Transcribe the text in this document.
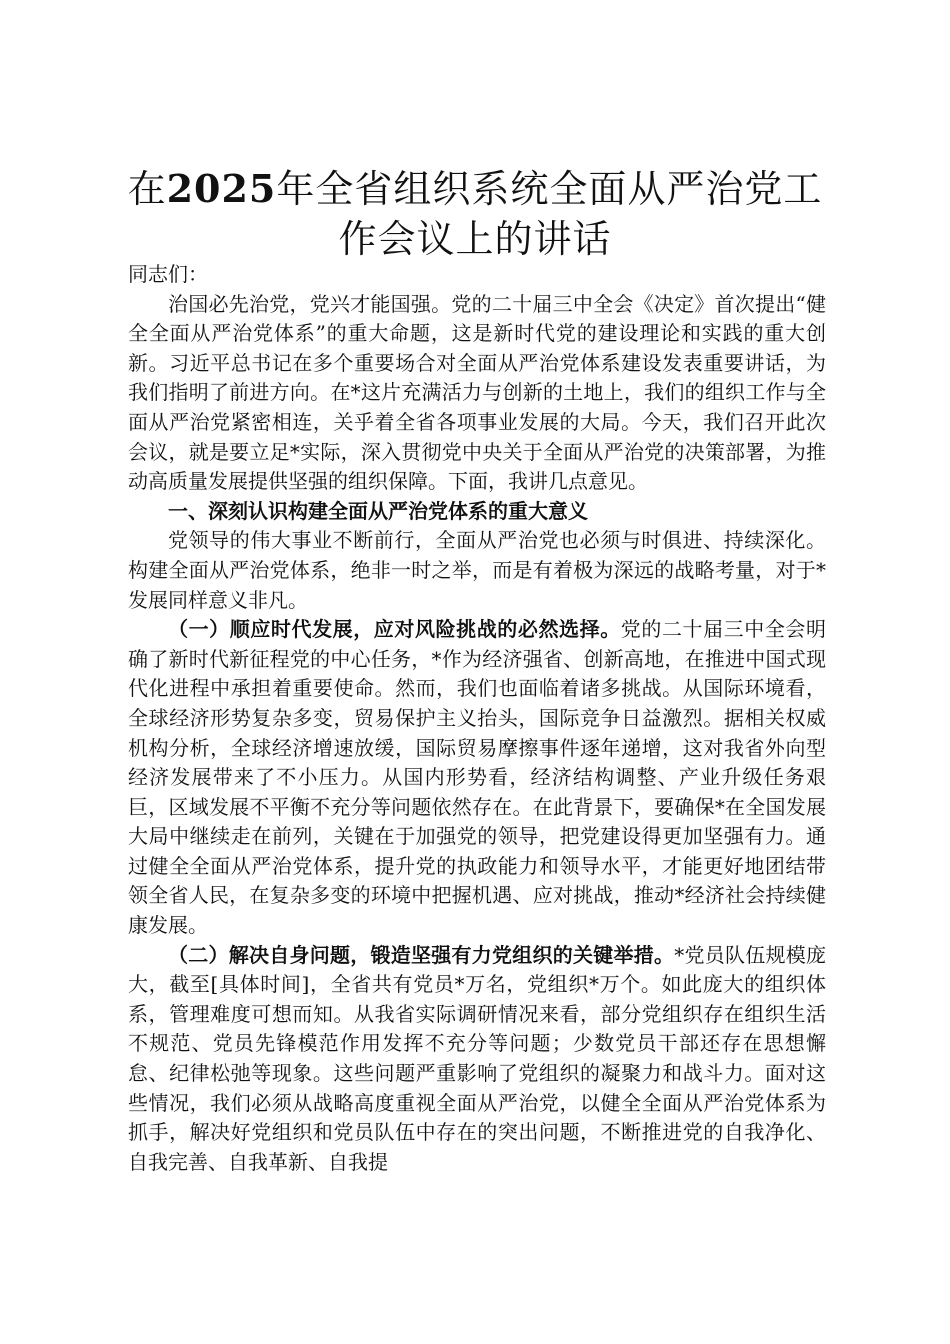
在2025年全省组织系统全面从严治党工作会议上的讲话

同志们：

治国必先治党，党兴才能国强。党的二十届三中全会《决定》首次提出“健全全面从严治党体系”的重大命题，这是新时代党的建设理论和实践的重大创新。习近平总书记在多个重要场合对全面从严治党体系建设发表重要讲话，为我们指明了前进方向。在*这片充满活力与创新的土地上，我们的组织工作与全面从严治党紧密相连，关乎着全省各项事业发展的大局。今天，我们召开此次会议，就是要立足*实际，深入贯彻党中央关于全面从严治党的决策部署，为推动高质量发展提供坚强的组织保障。下面，我讲几点意见。

一、深刻认识构建全面从严治党体系的重大意义

党领导的伟大事业不断前行，全面从严治党也必须与时俱进、持续深化。构建全面从严治党体系，绝非一时之举，而是有着极为深远的战略考量，对于*发展同样意义非凡。

（一）顺应时代发展，应对风险挑战的必然选择。党的二十届三中全会明确了新时代新征程党的中心任务，*作为经济强省、创新高地，在推进中国式现代化进程中承担着重要使命。然而，我们也面临着诸多挑战。从国际环境看，全球经济形势复杂多变，贸易保护主义抬头，国际竞争日益激烈。据相关权威机构分析，全球经济增速放缓，国际贸易摩擦事件逐年递增，这对我省外向型经济发展带来了不小压力。从国内形势看，经济结构调整、产业升级任务艰巨，区域发展不平衡不充分等问题依然存在。在此背景下，要确保*在全国发展大局中继续走在前列，关键在于加强党的领导，把党建设得更加坚强有力。通过健全全面从严治党体系，提升党的执政能力和领导水平，才能更好地团结带领全省人民，在复杂多变的环境中把握机遇、应对挑战，推动*经济社会持续健康发展。

（二）解决自身问题，锻造坚强有力党组织的关键举措。*党员队伍规模庞大，截至[具体时间]，全省共有党员*万名，党组织*万个。如此庞大的组织体系，管理难度可想而知。从我省实际调研情况来看，部分党组织存在组织生活不规范、党员先锋模范作用发挥不充分等问题；少数党员干部还存在思想懈怠、纪律松弛等现象。这些问题严重影响了党组织的凝聚力和战斗力。面对这些情况，我们必须从战略高度重视全面从严治党，以健全全面从严治党体系为抓手，解决好党组织和党员队伍中存在的突出问题，不断推进党的自我净化、自我完善、自我革新、自我提
